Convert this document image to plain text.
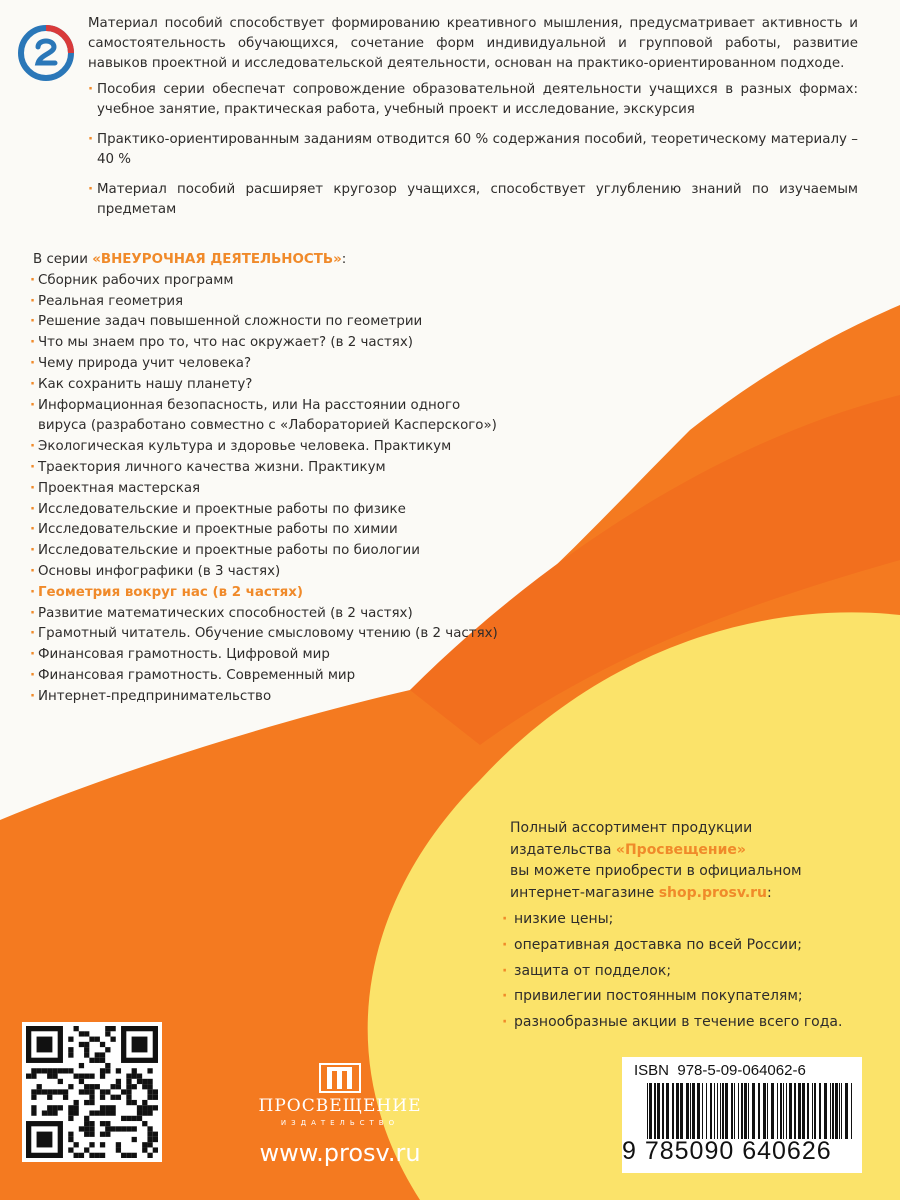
Материал пособий способствует формированию креативного мышления, предусматривает активность и самостоятельность обучающихся, сочетание форм индивидуальной и групповой работы, развитие навыков проектной и исследовательской деятельности, основан на практико-ориентированном подходе.

· Пособия серии обеспечат сопровождение образовательной деятельности учащихся в разных формах: учебное занятие, практическая работа, учебный проект и исследование, экскурсия
· Практико-ориентированным заданиям отводится 60 % содержания пособий, теоретическому материалу – 40 %
· Материал пособий расширяет кругозор учащихся, способствует углублению знаний по изучаемым предметам
В серии «ВНЕУРОЧНАЯ ДЕЯТЕЛЬНОСТЬ»:
· Сборник рабочих программ
· Реальная геометрия
· Решение задач повышенной сложности по геометрии
· Что мы знаем про то, что нас окружает? (в 2 частях)
· Чему природа учит человека?
· Как сохранить нашу планету?
· Информационная безопасность, или На расстоянии одного вируса (разработано совместно с «Лабораторией Касперского»)
· Экологическая культура и здоровье человека. Практикум
· Траектория личного качества жизни. Практикум
· Проектная мастерская
· Исследовательские и проектные работы по физике
· Исследовательские и проектные работы по химии
· Исследовательские и проектные работы по биологии
· Основы инфографики (в 3 частях)
· Геометрия вокруг нас (в 2 частях)
· Развитие математических способностей (в 2 частях)
· Грамотный читатель. Обучение смысловому чтению (в 2 частях)
· Финансовая грамотность. Цифровой мир
· Финансовая грамотность. Современный мир
· Интернет-предпринимательство

Полный ассортимент продукции
издательства «Просвещение»
вы можете приобрести в официальном
интернет-магазине shop.prosv.ru:

· низкие цены;
· оперативная доставка по всей России;
· защита от подделок;
· привилегии постоянным покупателям;
· разнообразные акции в течение всего года.
ПРОСВЕЩЕНИЕ
ИЗДАТЕЛЬСТВО
www.prosv.ru
ISBN 978-5-09-064062-6
9 785090 640626
